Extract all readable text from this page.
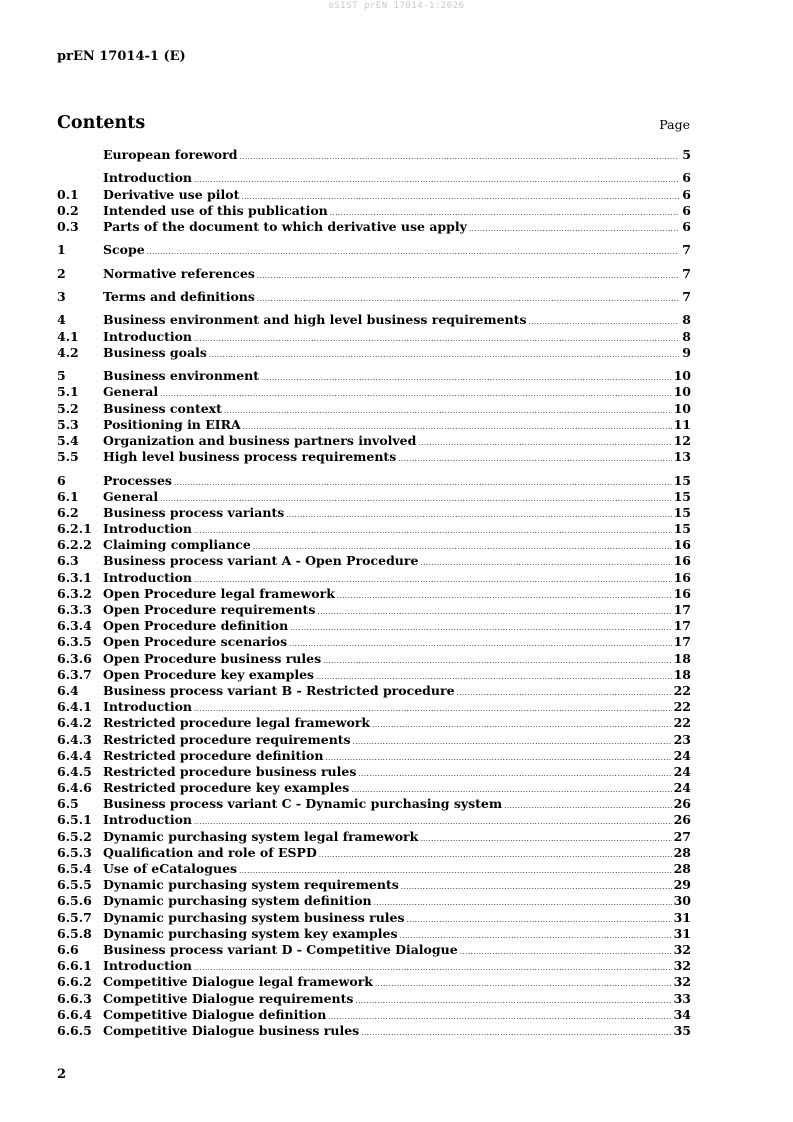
oSIST prEN 17014-1:2026
prEN 17014-1 (E)
Contents	Page
European foreword .....	5
Introduction .....	6
0.1	Derivative use pilot .....	6
0.2	Intended use of this publication .....	6
0.3	Parts of the document to which derivative use apply .....	6
1	Scope .....	7
2	Normative references .....	7
3	Terms and definitions .....	7
4	Business environment and high level business requirements .....	8
4.1	Introduction .....	8
4.2	Business goals .....	9
5	Business environment .....	10
5.1	General .....	10
5.2	Business context .....	10
5.3	Positioning in EIRA .....	11
5.4	Organization and business partners involved .....	12
5.5	High level business process requirements .....	13
6	Processes .....	15
6.1	General .....	15
6.2	Business process variants .....	15
6.2.1 Introduction .....	15
6.2.2 Claiming compliance .....	16
6.3	Business process variant A - Open Procedure .....	16
6.3.1 Introduction .....	16
6.3.2 Open Procedure legal framework .....	16
6.3.3 Open Procedure requirements .....	17
6.3.4 Open Procedure definition .....	17
6.3.5 Open Procedure scenarios .....	17
6.3.6 Open Procedure business rules .....	18
6.3.7 Open Procedure key examples .....	18
6.4	Business process variant B - Restricted procedure .....	22
6.4.1 Introduction .....	22
6.4.2 Restricted procedure legal framework .....	22
6.4.3 Restricted procedure requirements .....	23
6.4.4 Restricted procedure definition .....	24
6.4.5 Restricted procedure business rules .....	24
6.4.6 Restricted procedure key examples .....	24
6.5	Business process variant C - Dynamic purchasing system .....	26
6.5.1 Introduction .....	26
6.5.2 Dynamic purchasing system legal framework .....	27
6.5.3 Qualification and role of ESPD .....	28
6.5.4 Use of eCatalogues .....	28
6.5.5 Dynamic purchasing system requirements .....	29
6.5.6 Dynamic purchasing system definition .....	30
6.5.7 Dynamic purchasing system business rules .....	31
6.5.8 Dynamic purchasing system key examples .....	31
6.6	Business process variant D - Competitive Dialogue .....	32
6.6.1 Introduction .....	32
6.6.2 Competitive Dialogue legal framework .....	32
6.6.3 Competitive Dialogue requirements .....	33
6.6.4 Competitive Dialogue definition .....	34
6.6.5 Competitive Dialogue business rules .....	35
2
